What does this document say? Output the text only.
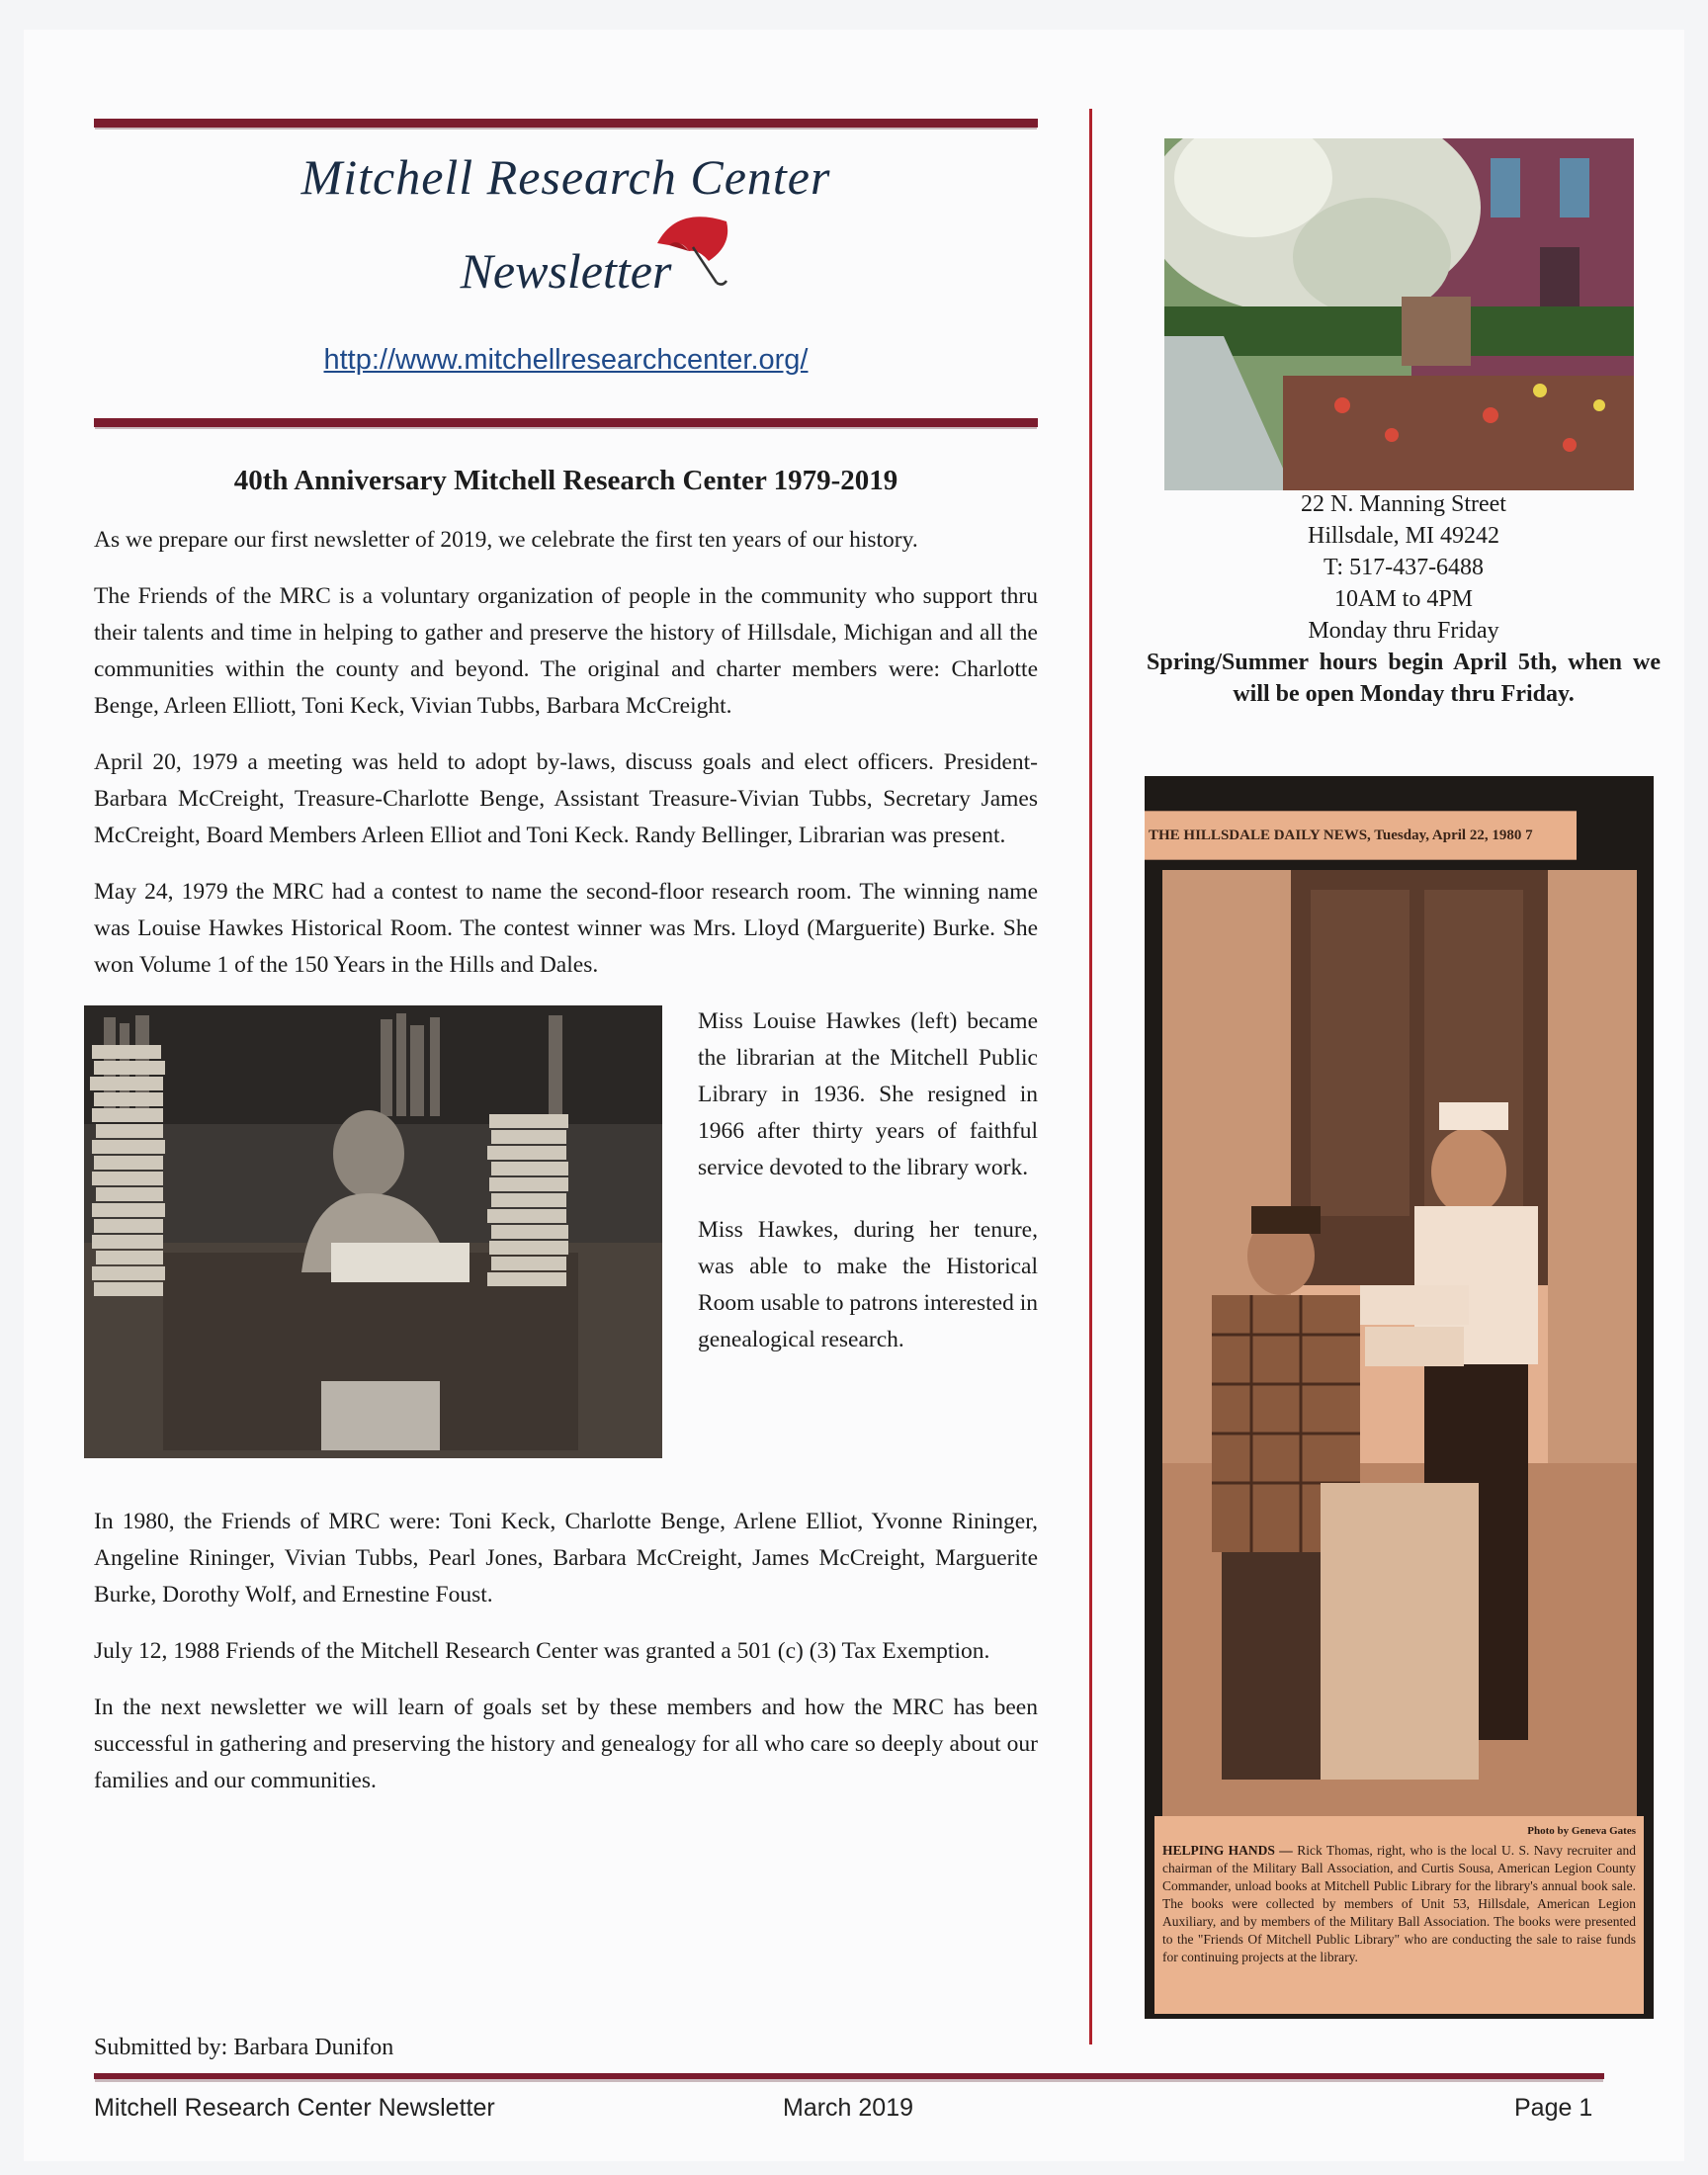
Mitchell Research Center
Newsletter
http://www.mitchellresearchcenter.org/
40th Anniversary Mitchell Research Center 1979-2019

As we prepare our first newsletter of 2019, we celebrate the first ten years of our history.

The Friends of the MRC is a voluntary organization of people in the community who support thru their talents and time in helping to gather and preserve the history of Hillsdale, Michigan and all the communities within the county and beyond. The original and charter members were: Charlotte Benge, Arleen Elliott, Toni Keck, Vivian Tubbs, Barbara McCreight.

April 20, 1979 a meeting was held to adopt by-laws, discuss goals and elect officers. President-Barbara McCreight, Treasure-Charlotte Benge, Assistant Treasure-Vivian Tubbs, Secretary James McCreight, Board Members Arleen Elliot and Toni Keck. Randy Bellinger, Librarian was present.

May 24, 1979 the MRC had a contest to name the second-floor research room. The winning name was Louise Hawkes Historical Room. The contest winner was Mrs. Lloyd (Marguerite) Burke. She won Volume 1 of the 150 Years in the Hills and Dales.

Miss Louise Hawkes (left) became the librarian at the Mitchell Public Library in 1936. She resigned in 1966 after thirty years of faithful service devoted to the library work.

Miss Hawkes, during her tenure, was able to make the Historical Room usable to patrons interested in genealogical research.

In 1980, the Friends of MRC were: Toni Keck, Charlotte Benge, Arlene Elliot, Yvonne Rininger, Angeline Rininger, Vivian Tubbs, Pearl Jones, Barbara McCreight, James McCreight, Marguerite Burke, Dorothy Wolf, and Ernestine Foust.

July 12, 1988 Friends of the Mitchell Research Center was granted a 501 (c) (3) Tax Exemption.

In the next newsletter we will learn of goals set by these members and how the MRC has been successful in gathering and preserving the history and genealogy for all who care so deeply about our families and our communities.

Submitted by: Barbara Dunifon
22 N. Manning Street
Hillsdale, MI 49242
T: 517-437-6488
10AM to 4PM
Monday thru Friday
Spring/Summer hours begin April 5th, when we will be open Monday thru Friday.
THE HILLSDALE DAILY NEWS, Tuesday, April 22, 1980 7
Photo by Geneva Gates
HELPING HANDS — Rick Thomas, right, who is the local U. S. Navy recruiter and chairman of the Military Ball Association, and Curtis Sousa, American Legion County Commander, unload books at Mitchell Public Library for the library's annual book sale. The books were collected by members of Unit 53, Hillsdale, American Legion Auxiliary, and by members of the Military Ball Association. The books were presented to the "Friends Of Mitchell Public Library" who are conducting the sale to raise funds for continuing projects at the library.
Mitchell Research Center Newsletter	March 2019	Page 1
